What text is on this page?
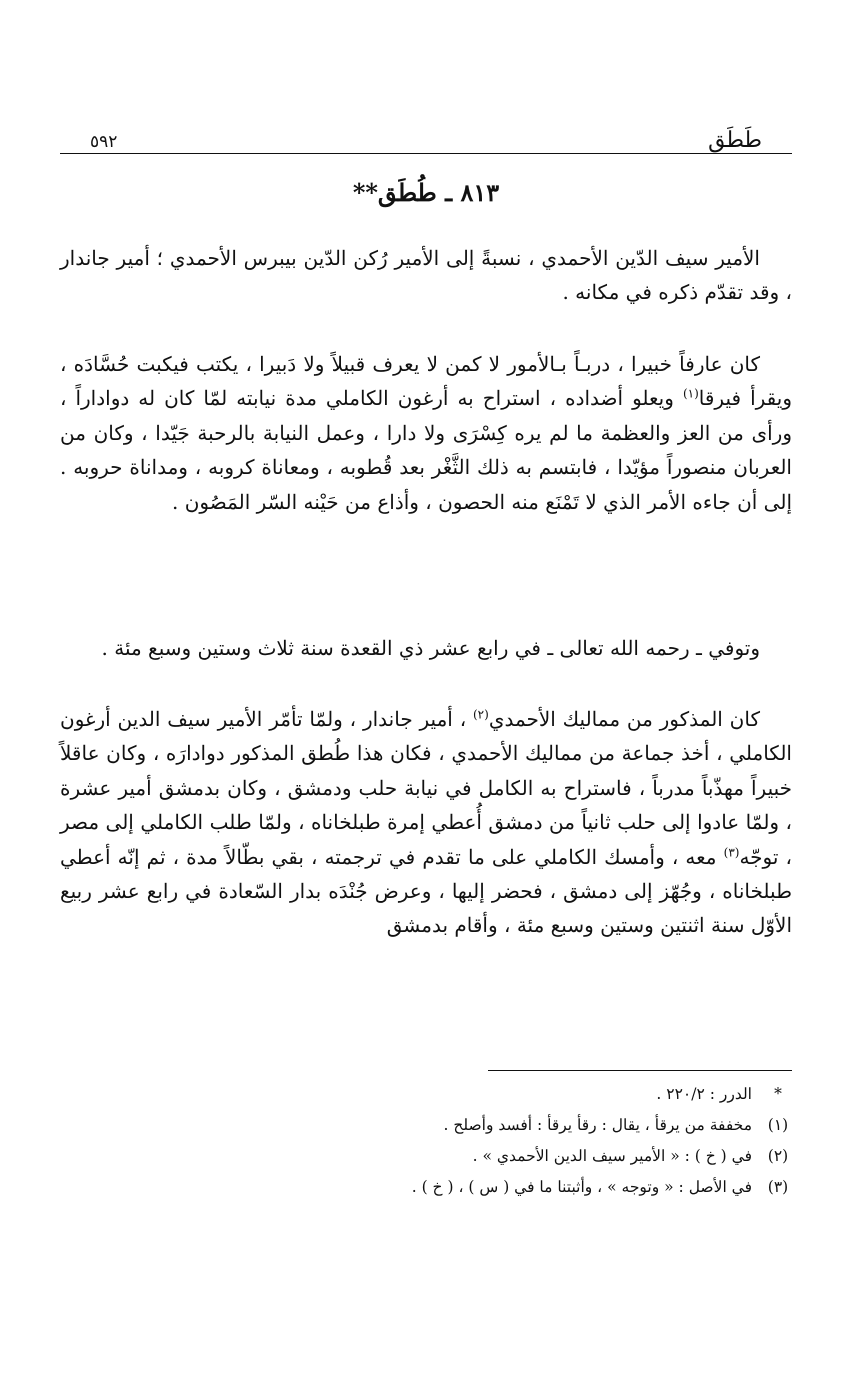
طَطَق
٥٩٢
٨١٣ ـ طُطَق**

الأمير سيف الدّين الأحمدي ، نسبةً إلى الأمير رُكن الدّين بيبرس الأحمدي ؛ أمير جاندار ، وقد تقدّم ذكره في مكانه .

كان عارفاً خبيرا ، دربـاً بـالأمور لا كمن لا يعرف قبيلاً ولا دَبيرا ، يكتب فيكبت حُسَّادَه ، ويقرأ فيرقا$^{(١)}$ ويعلو أضداده ، استراح به أرغون الكاملي مدة نيابته لمّا كان له دواداراً ، ورأى من العز والعظمة ما لم يره كِسْرَى ولا دارا ، وعمل النيابة بالرحبة جَيّدا ، وكان من العربان منصوراً مؤيّدا ، فابتسم به ذلك الثَّغْر بعد قُطوبه ، ومعاناة كروبه ، ومداناة حروبه . إلى أن جاءه الأمر الذي لا تَمْنَع منه الحصون ، وأذاع من حَيْنه السّر المَصُون .

وتوفي ـ رحمه الله تعالى ـ في رابع عشر ذي القعدة سنة ثلاث وستين وسبع مئة .

كان المذكور من مماليك الأحمدي$^{(٢)}$ ، أمير جاندار ، ولمّا تأمّر الأمير سيف الدين أرغون الكاملي ، أخذ جماعة من مماليك الأحمدي ، فكان هذا طُطق المذكور دوادارَه ، وكان عاقلاً خبيراً مهذّباً مدرباً ، فاستراح به الكامل في نيابة حلب ودمشق ، وكان بدمشق أمير عشرة ، ولمّا عادوا إلى حلب ثانياً من دمشق أُعطي إمرة طبلخاناه ، ولمّا طلب الكاملي إلى مصر ، توجّه$^{(٣)}$ معه ، وأمسك الكاملي على ما تقدم في ترجمته ، بقي بطّالاً مدة ، ثم إنّه أعطي طبلخاناه ، وجُهّز إلى دمشق ، فحضر إليها ، وعرض جُنْدَه بدار السّعادة في رابع عشر ربيع الأوّل سنة اثنتين وستين وسبع مئة ، وأقام بدمشق

*
الدرر : ٢٢٠/٢ .
(١)
مخففة من يرقأ ، يقال : رقأ يرقأ : أفسد وأصلح .
(٢)
في ( خ ) : « الأمير سيف الدين الأحمدي » .
(٣)
في الأصل : « وتوجه » ، وأثبتنا ما في ( س ) ، ( خ ) .
